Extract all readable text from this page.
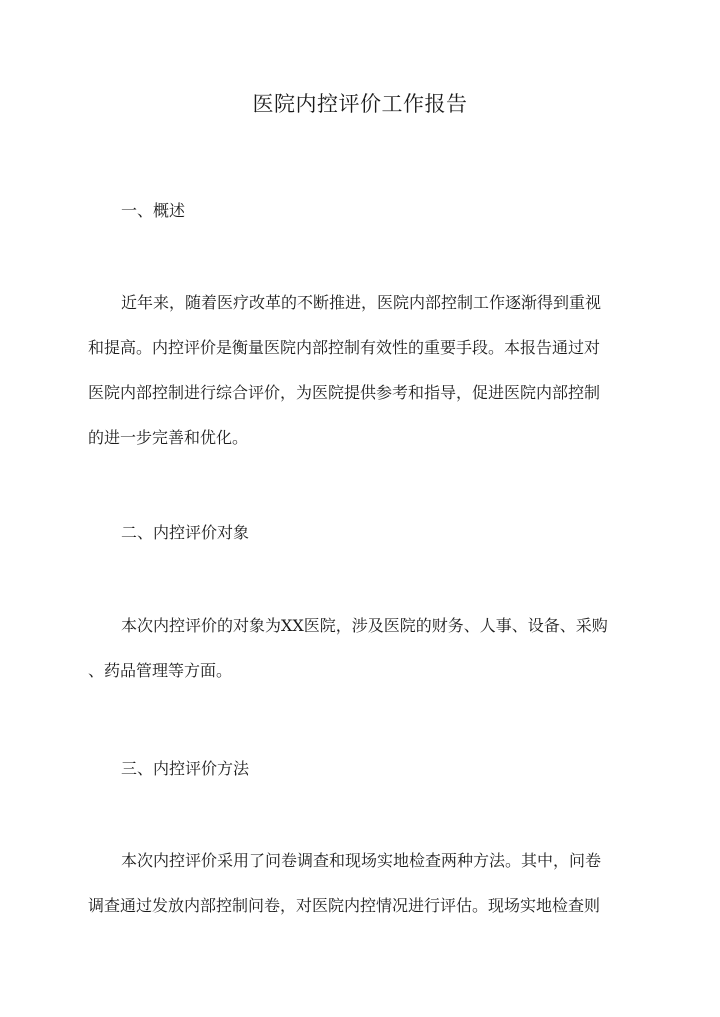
医院内控评价工作报告
一、概述
近年来，随着医疗改革的不断推进，医院内部控制工作逐渐得到重视
和提高。内控评价是衡量医院内部控制有效性的重要手段。本报告通过对
医院内部控制进行综合评价，为医院提供参考和指导，促进医院内部控制
的进一步完善和优化。
二、内控评价对象
本次内控评价的对象为XX医院，涉及医院的财务、人事、设备、采购
、药品管理等方面。
三、内控评价方法
本次内控评价采用了问卷调查和现场实地检查两种方法。其中，问卷
调查通过发放内部控制问卷，对医院内控情况进行评估。现场实地检查则
